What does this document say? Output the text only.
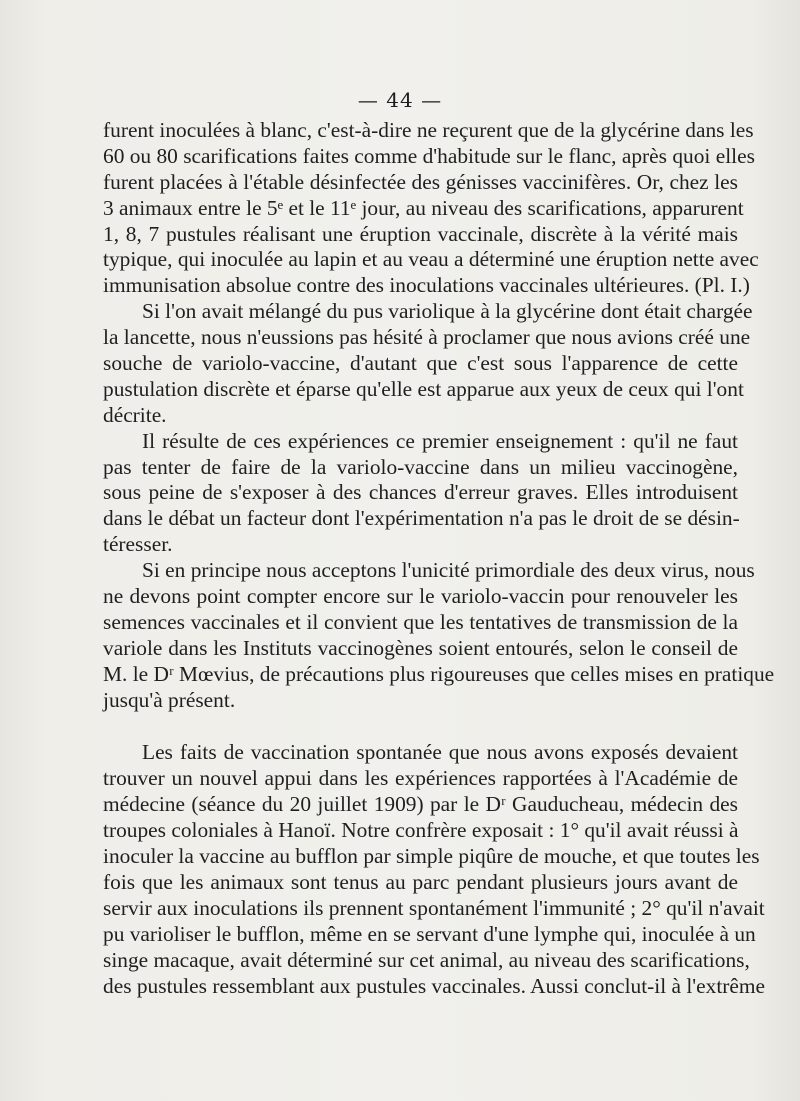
— 44 —
furent inoculées à blanc, c'est-à-dire ne reçurent que de la glycérine dans les
60 ou 80 scarifications faites comme d'habitude sur le flanc, après quoi elles
furent placées à l'étable désinfectée des génisses vaccinifères. Or, chez les
3 animaux entre le 5ᵉ et le 11ᵉ jour, au niveau des scarifications, apparurent
1, 8, 7 pustules réalisant une éruption vaccinale, discrète à la vérité mais
typique, qui inoculée au lapin et au veau a déterminé une éruption nette avec
immunisation absolue contre des inoculations vaccinales ultérieures. (Pl. I.)
Si l'on avait mélangé du pus variolique à la glycérine dont était chargée
la lancette, nous n'eussions pas hésité à proclamer que nous avions créé une
souche de variolo-vaccine, d'autant que c'est sous l'apparence de cette
pustulation discrète et éparse qu'elle est apparue aux yeux de ceux qui l'ont
décrite.
Il résulte de ces expériences ce premier enseignement : qu'il ne faut
pas tenter de faire de la variolo-vaccine dans un milieu vaccinogène,
sous peine de s'exposer à des chances d'erreur graves. Elles introduisent
dans le débat un facteur dont l'expérimentation n'a pas le droit de se désin-
téresser.
Si en principe nous acceptons l'unicité primordiale des deux virus, nous
ne devons point compter encore sur le variolo-vaccin pour renouveler les
semences vaccinales et il convient que les tentatives de transmission de la
variole dans les Instituts vaccinogènes soient entourés, selon le conseil de
M. le Dʳ Mœvius, de précautions plus rigoureuses que celles mises en pratique
jusqu'à présent.
Les faits de vaccination spontanée que nous avons exposés devaient
trouver un nouvel appui dans les expériences rapportées à l'Académie de
médecine (séance du 20 juillet 1909) par le Dʳ Gauducheau, médecin des
troupes coloniales à Hanoï. Notre confrère exposait : 1° qu'il avait réussi à
inoculer la vaccine au bufflon par simple piqûre de mouche, et que toutes les
fois que les animaux sont tenus au parc pendant plusieurs jours avant de
servir aux inoculations ils prennent spontanément l'immunité ; 2° qu'il n'avait
pu varioliser le bufflon, même en se servant d'une lymphe qui, inoculée à un
singe macaque, avait déterminé sur cet animal, au niveau des scarifications,
des pustules ressemblant aux pustules vaccinales. Aussi conclut-il à l'extrême
